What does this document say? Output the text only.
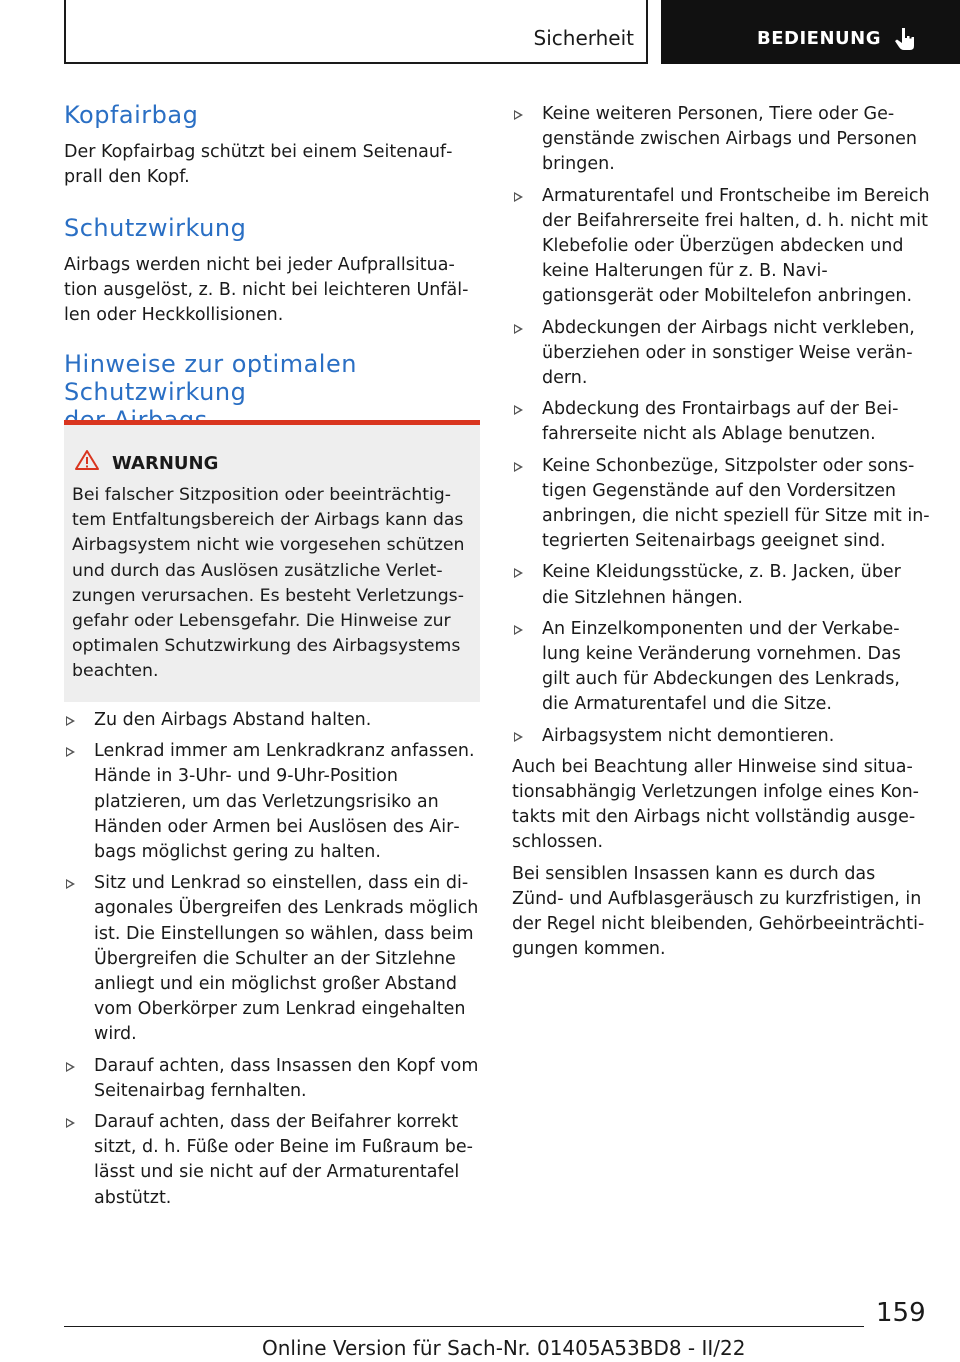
Sicherheit	BEDIENUNG
Kopfairbag

Der Kopfairbag schützt bei einem Seitenaufprall den Kopf.

Schutzwirkung

Airbags werden nicht bei jeder Aufprallsituation ausgelöst, z. B. nicht bei leichteren Unfällen oder Heckkollisionen.

Hinweise zur optimalen Schutzwirkung

WARNUNG

Bei falscher Sitzposition oder beeinträchtigtem Entfaltungsbereich der Airbags kann das Airbagsystem nicht wie vorgesehen schützen und durch das Auslösen zusätzliche Verletzungen verursachen. Es besteht Verletzungsgefahr oder Lebensgefahr. Die Hinweise zur optimalen Schutzwirkung des Airbagsystems beachten.

Zu den Airbags Abstand halten.
Lenkrad immer am Lenkradkranz anfassen. Hände in 3-Uhr- und 9-Uhr-Position platzieren, um das Verletzungsrisiko an Händen oder Armen bei Auslösen des Airbags möglichst gering zu halten.
Sitz und Lenkrad so einstellen, dass ein diagonales Übergreifen des Lenkrads möglich ist. Die Einstellungen so wählen, dass beim Übergreifen die Schulter an der Sitzlehne anliegt und ein möglichst großer Abstand vom Oberkörper zum Lenkrad eingehalten wird.
Darauf achten, dass Insassen den Kopf vom Seitenairbag fernhalten.
Darauf achten, dass der Beifahrer korrekt sitzt, d. h. Füße oder Beine im Fußraum belässt und sie nicht auf der Armaturentafel abstützt.
Keine weiteren Personen, Tiere oder Gegenstände zwischen Airbags und Personen bringen.
Armaturentafel und Frontscheibe im Bereich der Beifahrerseite frei halten, d. h. nicht mit Klebefolie oder Überzügen abdecken und keine Halterungen für z. B. Navigationsgerät oder Mobiltelefon anbringen.
Abdeckungen der Airbags nicht verkleben, überziehen oder in sonstiger Weise verändern.
Abdeckung des Frontairbags auf der Beifahrerseite nicht als Ablage benutzen.
Keine Schonbezüge, Sitzpolster oder sonstigen Gegenstände auf den Vordersitzen anbringen, die nicht speziell für Sitze mit integrierten Seitenairbags geeignet sind.
Keine Kleidungsstücke, z. B. Jacken, über die Sitzlehnen hängen.
An Einzelkomponenten und der Verkabelung keine Veränderung vornehmen. Das gilt auch für Abdeckungen des Lenkrads, die Armaturentafel und die Sitze.
Airbagsystem nicht demontieren.

Auch bei Beachtung aller Hinweise sind situationsabhängig Verletzungen infolge eines Kontakts mit den Airbags nicht vollständig ausgeschlossen.

Bei sensiblen Insassen kann es durch das Zünd- und Aufblasgeräusch zu kurzfristigen, in der Regel nicht bleibenden, Gehörbeeinträchtigungen kommen.

159
Online Version für Sach-Nr. 01405A53BD8 - II/22
